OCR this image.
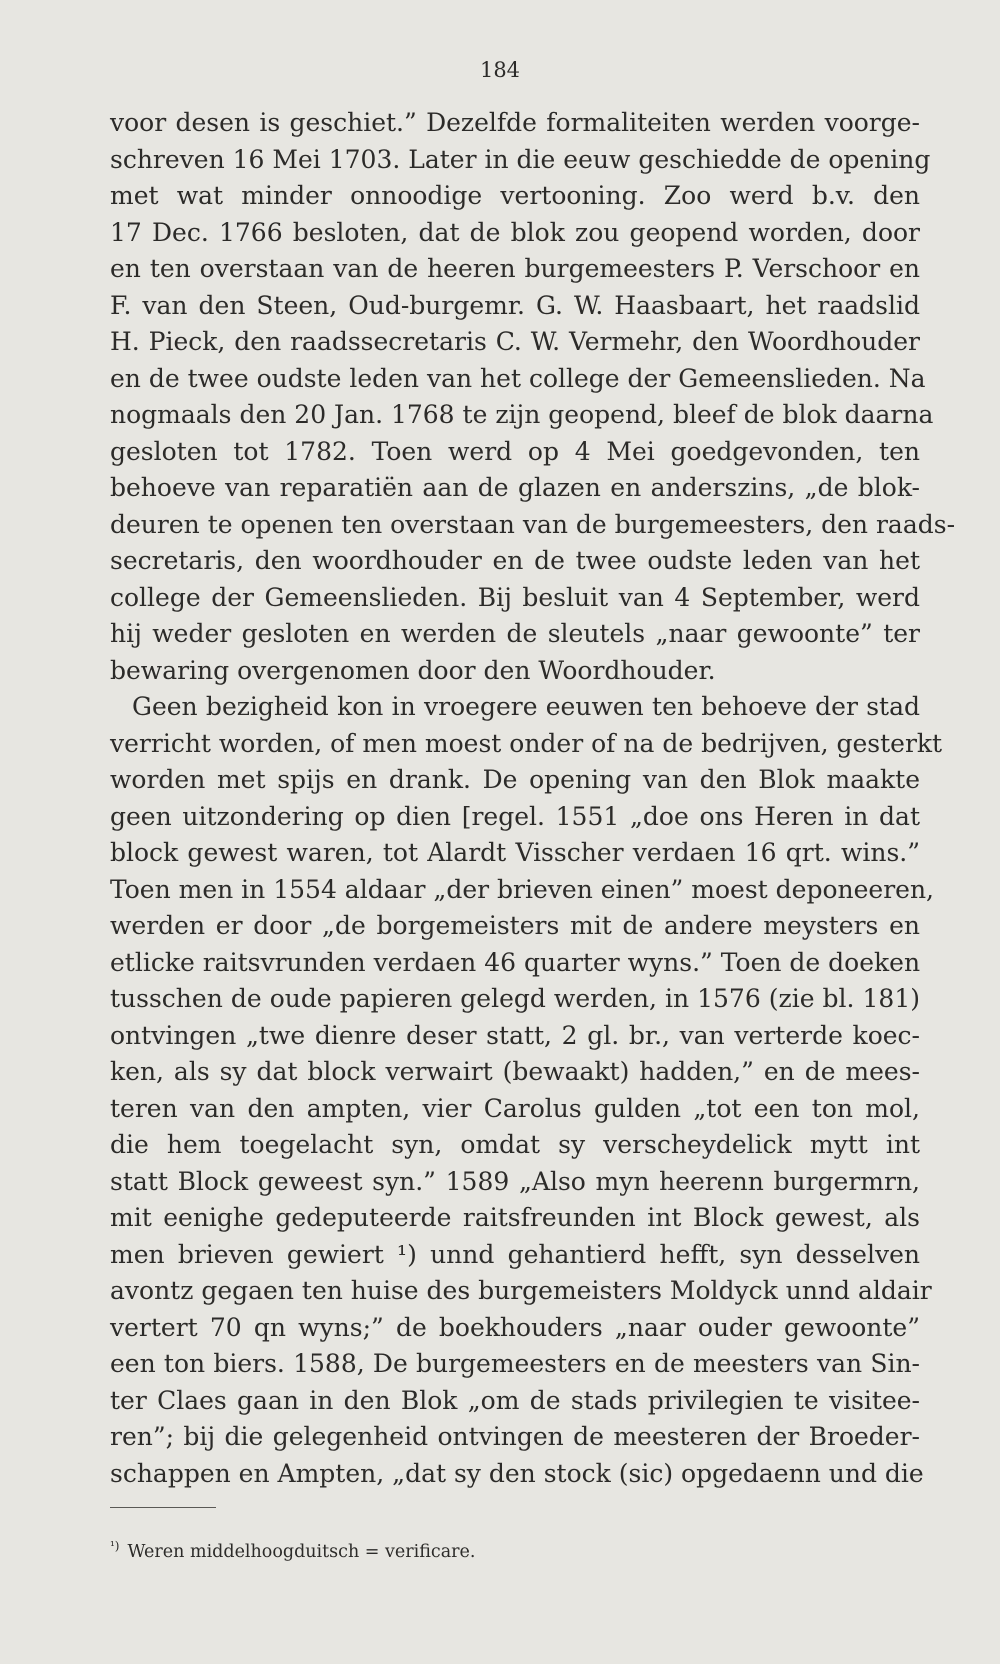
184
voor desen is geschiet.” Dezelfde formaliteiten werden voorge-
schreven 16 Mei 1703. Later in die eeuw geschiedde de opening
met wat minder onnoodige vertooning. Zoo werd b.v. den
17 Dec. 1766 besloten, dat de blok zou geopend worden, door
en ten overstaan van de heeren burgemeesters P. Verschoor en
F. van den Steen, Oud-burgemr. G. W. Haasbaart, het raadslid
H. Pieck, den raadssecretaris C. W. Vermehr, den Woordhouder
en de twee oudste leden van het college der Gemeenslieden. Na
nogmaals den 20 Jan. 1768 te zijn geopend, bleef de blok daarna
gesloten tot 1782. Toen werd op 4 Mei goedgevonden, ten
behoeve van reparatiën aan de glazen en anderszins, „de blok-
deuren te openen ten overstaan van de burgemeesters, den raads-
secretaris, den woordhouder en de twee oudste leden van het
college der Gemeenslieden. Bij besluit van 4 September, werd
hij weder gesloten en werden de sleutels „naar gewoonte” ter
bewaring overgenomen door den Woordhouder.
Geen bezigheid kon in vroegere eeuwen ten behoeve der stad
verricht worden, of men moest onder of na de bedrijven, gesterkt
worden met spijs en drank. De opening van den Blok maakte
geen uitzondering op dien [regel. 1551 „doe ons Heren in dat
block gewest waren, tot Alardt Visscher verdaen 16 qrt. wins.”
Toen men in 1554 aldaar „der brieven einen” moest deponeeren,
werden er door „de borgemeisters mit de andere meysters en
etlicke raitsvrunden verdaen 46 quarter wyns.” Toen de doeken
tusschen de oude papieren gelegd werden, in 1576 (zie bl. 181)
ontvingen „twe dienre deser statt, 2 gl. br., van verterde koec-
ken, als sy dat block verwairt (bewaakt) hadden,” en de mees-
teren van den ampten, vier Carolus gulden „tot een ton mol,
die hem toegelacht syn, omdat sy verscheydelick mytt int
statt Block geweest syn.” 1589 „Also myn heerenn burgermrn,
mit eenighe gedeputeerde raitsfreunden int Block gewest, als
men brieven gewiert ¹) unnd gehantierd hefft, syn desselven
avontz gegaen ten huise des burgemeisters Moldyck unnd aldair
vertert 70 qn wyns;” de boekhouders „naar ouder gewoonte”
een ton biers. 1588, De burgemeesters en de meesters van Sin-
ter Claes gaan in den Blok „om de stads privilegien te visitee-
ren”; bij die gelegenheid ontvingen de meesteren der Broeder-
schappen en Ampten, „dat sy den stock (sic) opgedaenn und die
$^{^1)}$ Weren middelhoogduitsch = verificare.
